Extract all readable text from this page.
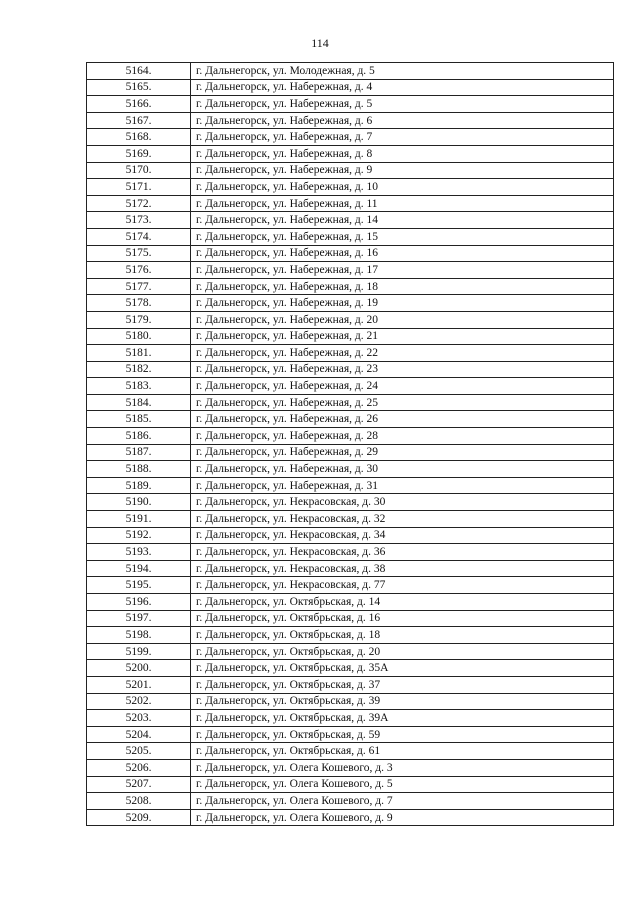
114
5164.	г. Дальнегорск, ул. Молодежная, д. 5
5165.	г. Дальнегорск, ул. Набережная, д. 4
5166.	г. Дальнегорск, ул. Набережная, д. 5
5167.	г. Дальнегорск, ул. Набережная, д. 6
5168.	г. Дальнегорск, ул. Набережная, д. 7
5169.	г. Дальнегорск, ул. Набережная, д. 8
5170.	г. Дальнегорск, ул. Набережная, д. 9
5171.	г. Дальнегорск, ул. Набережная, д. 10
5172.	г. Дальнегорск, ул. Набережная, д. 11
5173.	г. Дальнегорск, ул. Набережная, д. 14
5174.	г. Дальнегорск, ул. Набережная, д. 15
5175.	г. Дальнегорск, ул. Набережная, д. 16
5176.	г. Дальнегорск, ул. Набережная, д. 17
5177.	г. Дальнегорск, ул. Набережная, д. 18
5178.	г. Дальнегорск, ул. Набережная, д. 19
5179.	г. Дальнегорск, ул. Набережная, д. 20
5180.	г. Дальнегорск, ул. Набережная, д. 21
5181.	г. Дальнегорск, ул. Набережная, д. 22
5182.	г. Дальнегорск, ул. Набережная, д. 23
5183.	г. Дальнегорск, ул. Набережная, д. 24
5184.	г. Дальнегорск, ул. Набережная, д. 25
5185.	г. Дальнегорск, ул. Набережная, д. 26
5186.	г. Дальнегорск, ул. Набережная, д. 28
5187.	г. Дальнегорск, ул. Набережная, д. 29
5188.	г. Дальнегорск, ул. Набережная, д. 30
5189.	г. Дальнегорск, ул. Набережная, д. 31
5190.	г. Дальнегорск, ул. Некрасовская, д. 30
5191.	г. Дальнегорск, ул. Некрасовская, д. 32
5192.	г. Дальнегорск, ул. Некрасовская, д. 34
5193.	г. Дальнегорск, ул. Некрасовская, д. 36
5194.	г. Дальнегорск, ул. Некрасовская, д. 38
5195.	г. Дальнегорск, ул. Некрасовская, д. 77
5196.	г. Дальнегорск, ул. Октябрьская, д. 14
5197.	г. Дальнегорск, ул. Октябрьская, д. 16
5198.	г. Дальнегорск, ул. Октябрьская, д. 18
5199.	г. Дальнегорск, ул. Октябрьская, д. 20
5200.	г. Дальнегорск, ул. Октябрьская, д. 35А
5201.	г. Дальнегорск, ул. Октябрьская, д. 37
5202.	г. Дальнегорск, ул. Октябрьская, д. 39
5203.	г. Дальнегорск, ул. Октябрьская, д. 39А
5204.	г. Дальнегорск, ул. Октябрьская, д. 59
5205.	г. Дальнегорск, ул. Октябрьская, д. 61
5206.	г. Дальнегорск, ул. Олега Кошевого, д. 3
5207.	г. Дальнегорск, ул. Олега Кошевого, д. 5
5208.	г. Дальнегорск, ул. Олега Кошевого, д. 7
5209.	г. Дальнегорск, ул. Олега Кошевого, д. 9
